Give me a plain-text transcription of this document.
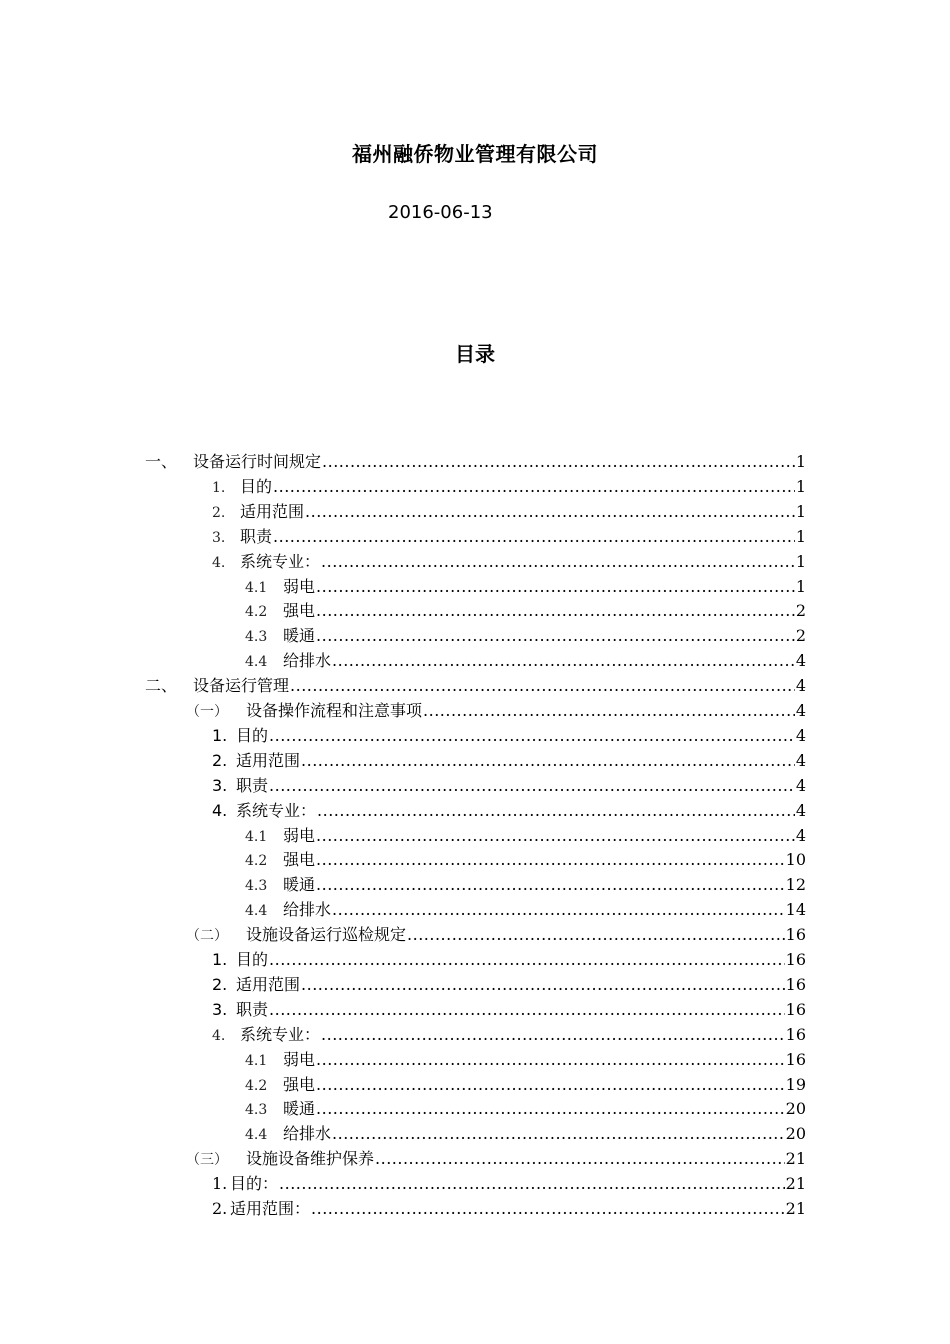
福州融侨物业管理有限公司
2016-06-13
目录
一、 设备运行时间规定 .....	1
1. 目的 .....	1
2. 适用范围 .....	1
3. 职责 .....	1
4. 系统专业： .....	1
4.1 弱电 .....	1
4.2 强电 .....	2
4.3 暖通 .....	2
4.4 给排水 .....	4
二、 设备运行管理 .....	4
（一）	设备操作流程和注意事项 .....	4
1. 目的 .....	4
2. 适用范围 .....	4
3. 职责 .....	4
4. 系统专业： .....	4
4.1 弱电 .....	4
4.2 强电 .....	10
4.3 暖通 .....	12
4.4 给排水 .....	14
（二）	设施设备运行巡检规定 .....	16
1. 目的 .....	16
2. 适用范围 .....	16
3. 职责 .....	16
4. 系统专业： .....	16
4.1 弱电 .....	16
4.2 强电 .....	19
4.3 暖通 .....	20
4.4 给排水 .....	20
（三）	设施设备维护保养 .....	21
1. 目的： .....	21
2. 适用范围： .....	21
